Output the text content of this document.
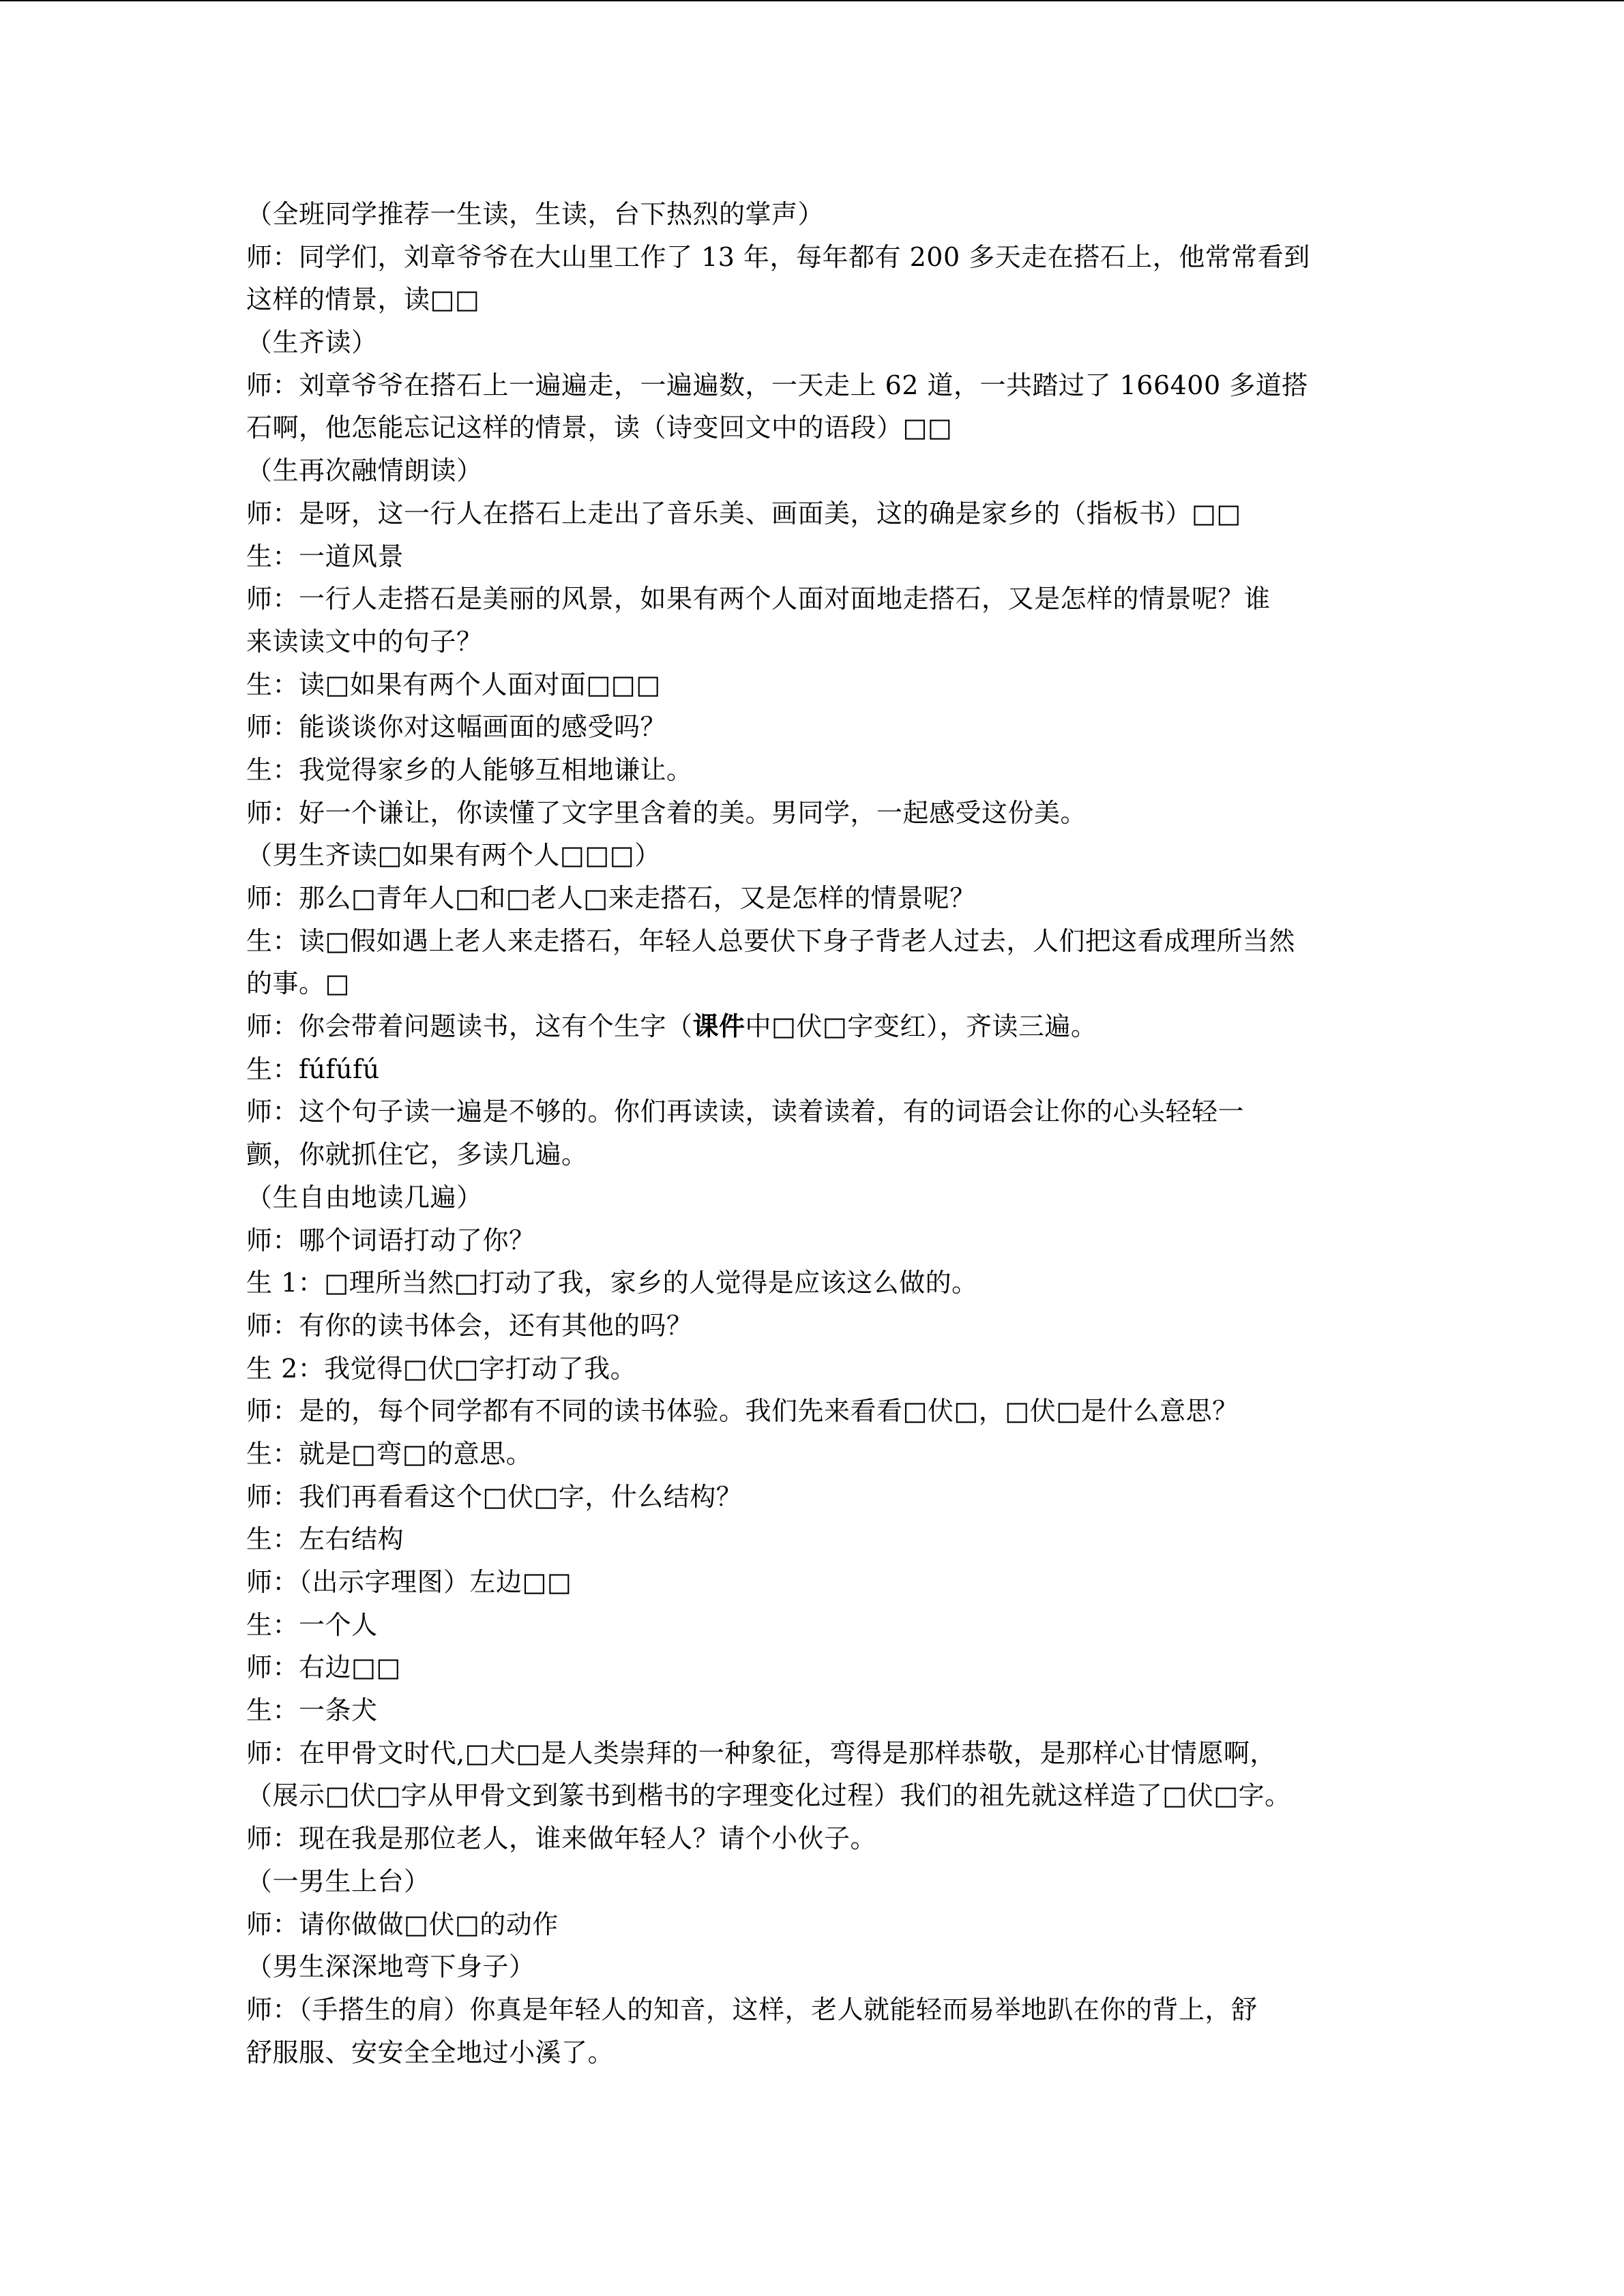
（全班同学推荐一生读，生读，台下热烈的掌声）
师：同学们，刘章爷爷在大山里工作了 13 年，每年都有 200 多天走在搭石上，他常常看到
这样的情景，读□□
（生齐读）
师：刘章爷爷在搭石上一遍遍走，一遍遍数，一天走上 62 道，一共踏过了 166400 多道搭
石啊，他怎能忘记这样的情景，读（诗变回文中的语段）□□
（生再次融情朗读）
师：是呀，这一行人在搭石上走出了音乐美、画面美，这的确是家乡的（指板书）□□
生：一道风景
师：一行人走搭石是美丽的风景，如果有两个人面对面地走搭石，又是怎样的情景呢？谁
来读读文中的句子？
生：读□如果有两个人面对面□□□
师：能谈谈你对这幅画面的感受吗？
生：我觉得家乡的人能够互相地谦让。
师：好一个谦让，你读懂了文字里含着的美。男同学，一起感受这份美。
（男生齐读□如果有两个人□□□）
师：那么□青年人□和□老人□来走搭石，又是怎样的情景呢？
生：读□假如遇上老人来走搭石，年轻人总要伏下身子背老人过去，人们把这看成理所当然
的事。□
师：你会带着问题读书，这有个生字（课件中□伏□字变红），齐读三遍。
生：fúfúfú
师：这个句子读一遍是不够的。你们再读读，读着读着，有的词语会让你的心头轻轻一
颤，你就抓住它，多读几遍。
（生自由地读几遍）
师：哪个词语打动了你？
生 1：□理所当然□打动了我，家乡的人觉得是应该这么做的。
师：有你的读书体会，还有其他的吗？
生 2：我觉得□伏□字打动了我。
师：是的，每个同学都有不同的读书体验。我们先来看看□伏□，□伏□是什么意思？
生：就是□弯□的意思。
师：我们再看看这个□伏□字，什么结构？
生：左右结构
师：（出示字理图）左边□□
生：一个人
师：右边□□
生：一条犬
师：在甲骨文时代,□犬□是人类崇拜的一种象征，弯得是那样恭敬，是那样心甘情愿啊，
（展示□伏□字从甲骨文到篆书到楷书的字理变化过程）我们的祖先就这样造了□伏□字。
师：现在我是那位老人，谁来做年轻人？请个小伙子。
（一男生上台）
师：请你做做□伏□的动作
（男生深深地弯下身子）
师：（手搭生的肩）你真是年轻人的知音，这样，老人就能轻而易举地趴在你的背上，舒
舒服服、安安全全地过小溪了。
